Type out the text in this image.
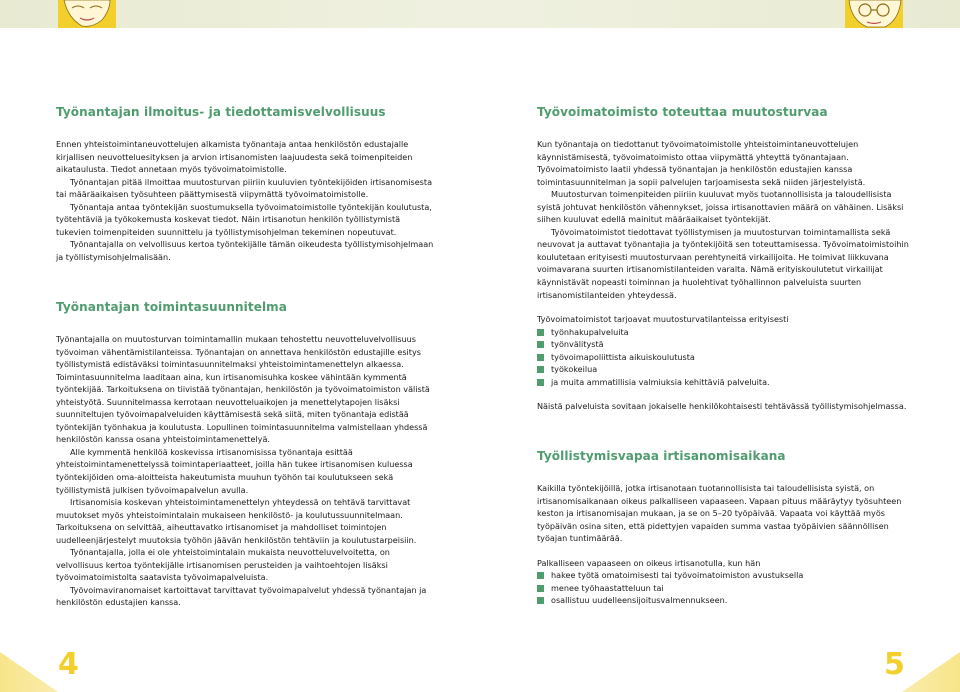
Työnantajan ilmoitus- ja tiedottamisvelvollisuus

Ennen yhteistoimintaneuvottelujen alkamista työnantaja antaa henkilöstön edustajalle kirjallisen neuvotteluesityksen ja arvion irtisanomisten laajuudesta sekä toimenpiteiden aikataulusta. Tiedot annetaan myös työvoimatoimistolle.

Työnantajan pitää ilmoittaa muutosturvan piiriin kuuluvien työntekijöiden irtisanomisesta tai määräaikaisen työsuhteen päättymisestä viipymättä työvoimatoimistolle.

Työnantaja antaa työntekijän suostumuksella työvoimatoimistolle työntekijän koulutusta, työtehtäviä ja työkokemusta koskevat tiedot. Näin irtisanotun henkilön työllistymistä tukevien toimenpiteiden suunnittelu ja työllistymisohjelman tekeminen nopeutuvat.

Työnantajalla on velvollisuus kertoa työntekijälle tämän oikeudesta työllistymisohjelmaan ja työllistymisohjelmalisään.

Työnantajan toimintasuunnitelma

Työnantajalla on muutosturvan toimintamallin mukaan tehostettu neuvotteluvelvollisuus työvoiman vähentämistilanteissa. Työnantajan on annettava henkilöstön edustajille esitys työllistymistä edistäväksi toimintasuunnitelmaksi yhteistoimintamenettelyn alkaessa. Toimintasuunnitelma laaditaan aina, kun irtisanomisuhka koskee vähintään kymmentä työntekijää. Tarkoituksena on tiivistää työnantajan, henkilöstön ja työvoimatoimiston välistä yhteistyötä. Suunnitelmassa kerrotaan neuvotteluaikojen ja menettelytapojen lisäksi suunniteltujen työvoimapalveluiden käyttämisestä sekä siitä, miten työnantaja edistää työntekijän työnhakua ja koulutusta. Lopullinen toimintasuunnitelma valmistellaan yhdessä henkilöstön kanssa osana yhteistoimintamenettelyä.

Alle kymmentä henkilöä koskevissa irtisanomisissa työnantaja esittää yhteistoimintamenettelyssä toimintaperiaatteet, joilla hän tukee irtisanomisen kuluessa työntekijöiden oma-aloitteista hakeutumista muuhun työhön tai koulutukseen sekä työllistymistä julkisen työvoimapalvelun avulla.

Irtisanomisia koskevan yhteistoimintamenettelyn yhteydessä on tehtävä tarvittavat muutokset myös yhteistoimintalain mukaiseen henkilöstö- ja koulutussuunnitelmaan. Tarkoituksena on selvittää, aiheuttavatko irtisanomiset ja mahdolliset toimintojen uudelleenjärjestelyt muutoksia työhön jäävän henkilöstön tehtäviin ja koulutustarpeisiin.

Työnantajalla, jolla ei ole yhteistoimintalain mukaista neuvotteluvelvoitetta, on velvollisuus kertoa työntekijälle irtisanomisen perusteiden ja vaihtoehtojen lisäksi työvoimatoimistolta saatavista työvoimapalveluista.

Työvoimaviranomaiset kartoittavat tarvittavat työvoimapalvelut yhdessä työnantajan ja henkilöstön edustajien kanssa.

Työvoimatoimisto toteuttaa muutosturvaa

Kun työnantaja on tiedottanut työvoimatoimistolle yhteistoimintaneuvottelujen käynnistämisestä, työvoimatoimisto ottaa viipymättä yhteyttä työnantajaan. Työvoimatoimisto laatii yhdessä työnantajan ja henkilöstön edustajien kanssa toimintasuunnitelman ja sopii palvelujen tarjoamisesta sekä niiden järjestelyistä.

Muutosturvan toimenpiteiden piiriin kuuluvat myös tuotannollisista ja taloudellisista syistä johtuvat henkilöstön vähennykset, joissa irtisanottavien määrä on vähäinen. Lisäksi siihen kuuluvat edellä mainitut määräaikaiset työntekijät.

Työvoimatoimistot tiedottavat työllistymisen ja muutosturvan toimintamallista sekä neuvovat ja auttavat työnantajia ja työntekijöitä sen toteuttamisessa. Työvoimatoimistoihin koulutetaan erityisesti muutosturvaan perehtyneitä virkailijoita. He toimivat liikkuvana voimavarana suurten irtisanomistilanteiden varalta. Nämä erityiskoulutetut virkailijat käynnistävät nopeasti toiminnan ja huolehtivat työhallinnon palveluista suurten irtisanomistilanteiden yhteydessä.

Työvoimatoimistot tarjoavat muutosturvatilanteissa erityisesti

työnhakupalveluita
työnvälitystä
työvoimapoliittista aikuiskoulutusta
työkokeilua
ja muita ammatillisia valmiuksia kehittäviä palveluita.

Näistä palveluista sovitaan jokaiselle henkilökohtaisesti tehtävässä työllistymisohjelmassa.

Työllistymisvapaa irtisanomisaikana

Kaikilla työntekijöillä, jotka irtisanotaan tuotannollisista tai taloudellisista syistä, on irtisanomisaikanaan oikeus palkalliseen vapaaseen. Vapaan pituus määräytyy työsuhteen keston ja irtisanomisajan mukaan, ja se on 5–20 työpäivää. Vapaata voi käyttää myös työpäivän osina siten, että pidettyjen vapaiden summa vastaa työpäivien säännöllisen työajan tuntimäärää.

Palkalliseen vapaaseen on oikeus irtisanotulla, kun hän

hakee työtä omatoimisesti tai työvoimatoimiston avustuksella
menee työhaastatteluun tai
osallistuu uudelleensijoitusvalmennukseen.
4	5
